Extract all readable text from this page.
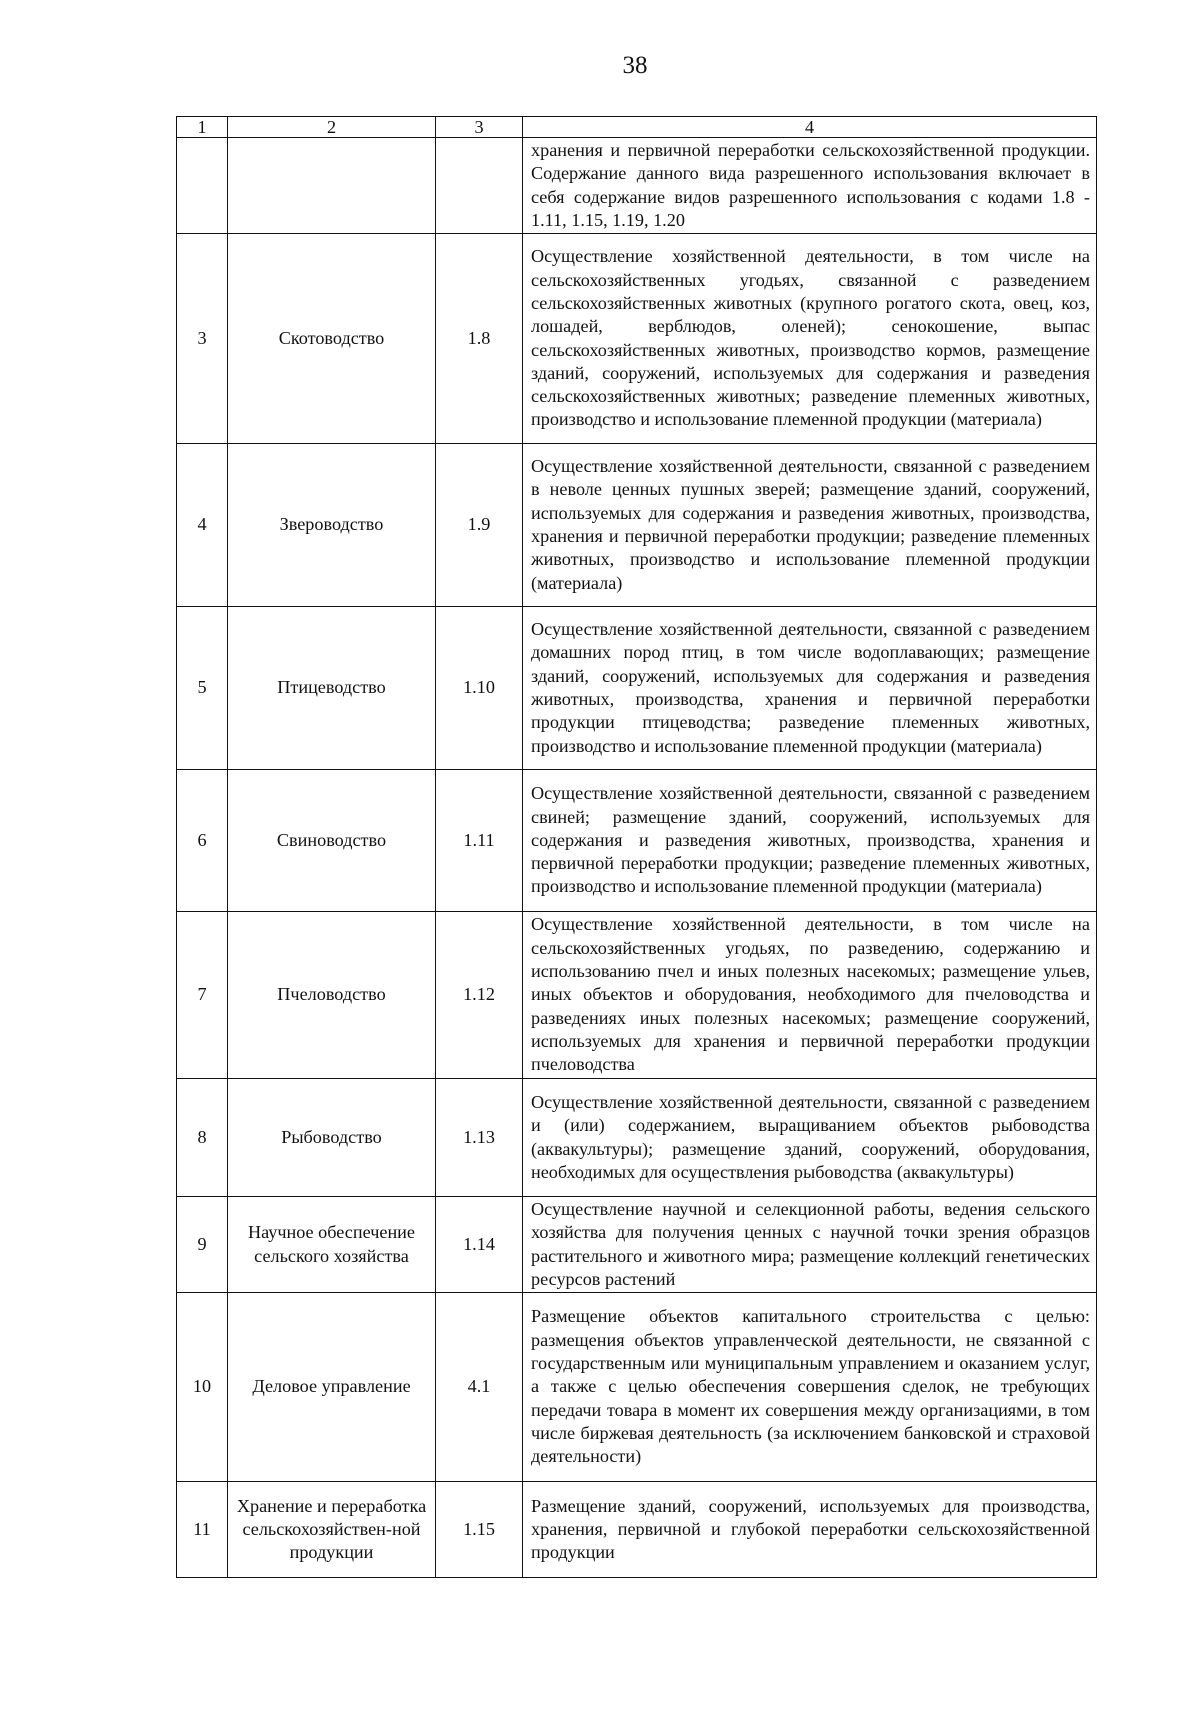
38
1	2	3	4
			хранения и первичной переработки сельскохозяйственной продукции. Содержание данного вида разрешенного использования включает в себя содержание видов разрешенного использования с кодами 1.8 - 1.11, 1.15, 1.19, 1.20
3	Скотоводство	1.8	Осуществление хозяйственной деятельности, в том числе на сельскохозяйственных угодьях, связанной с разведением сельскохозяйственных животных (крупного рогатого скота, овец, коз, лошадей, верблюдов, оленей); сенокошение, выпас сельскохозяйственных животных, производство кормов, размещение зданий, сооружений, используемых для содержания и разведения сельскохозяйственных животных; разведение племенных животных, производство и использование племенной продукции (материала)
4	Звероводство	1.9	Осуществление хозяйственной деятельности, связанной с разведением в неволе ценных пушных зверей; размещение зданий, сооружений, используемых для содержания и разведения животных, производства, хранения и первичной переработки продукции; разведение племенных животных, производство и использование племенной продукции (материала)
5	Птицеводство	1.10	Осуществление хозяйственной деятельности, связанной с разведением домашних пород птиц, в том числе водоплавающих; размещение зданий, сооружений, используемых для содержания и разведения животных, производства, хранения и первичной переработки продукции птицеводства; разведение племенных животных, производство и использование племенной продукции (материала)
6	Свиноводство	1.11	Осуществление хозяйственной деятельности, связанной с разведением свиней; размещение зданий, сооружений, используемых для содержания и разведения животных, производства, хранения и первичной переработки продукции; разведение племенных животных, производство и использование племенной продукции (материала)
7	Пчеловодство	1.12	Осуществление хозяйственной деятельности, в том числе на сельскохозяйственных угодьях, по разведению, содержанию и использованию пчел и иных полезных насекомых; размещение ульев, иных объектов и оборудования, необходимого для пчеловодства и разведениях иных полезных насекомых; размещение сооружений, используемых для хранения и первичной переработки продукции пчеловодства
8	Рыбоводство	1.13	Осуществление хозяйственной деятельности, связанной с разведением и (или) содержанием, выращиванием объектов рыбоводства (аквакультуры); размещение зданий, сооружений, оборудования, необходимых для осуществления рыбоводства (аквакультуры)
9	Научное обеспечение сельского хозяйства	1.14	Осуществление научной и селекционной работы, ведения сельского хозяйства для получения ценных с научной точки зрения образцов растительного и животного мира; размещение коллекций генетических ресурсов растений
10	Деловое управление	4.1	Размещение объектов капитального строительства с целью: размещения объектов управленческой деятельности, не связанной с государственным или муниципальным управлением и оказанием услуг, а также с целью обеспечения совершения сделок, не требующих передачи товара в момент их совершения между организациями, в том числе биржевая деятельность (за исключением банковской и страховой деятельности)
11	Хранение и переработка сельскохозяйствен-ной продукции	1.15	Размещение зданий, сооружений, используемых для производства, хранения, первичной и глубокой переработки сельскохозяйственной продукции
